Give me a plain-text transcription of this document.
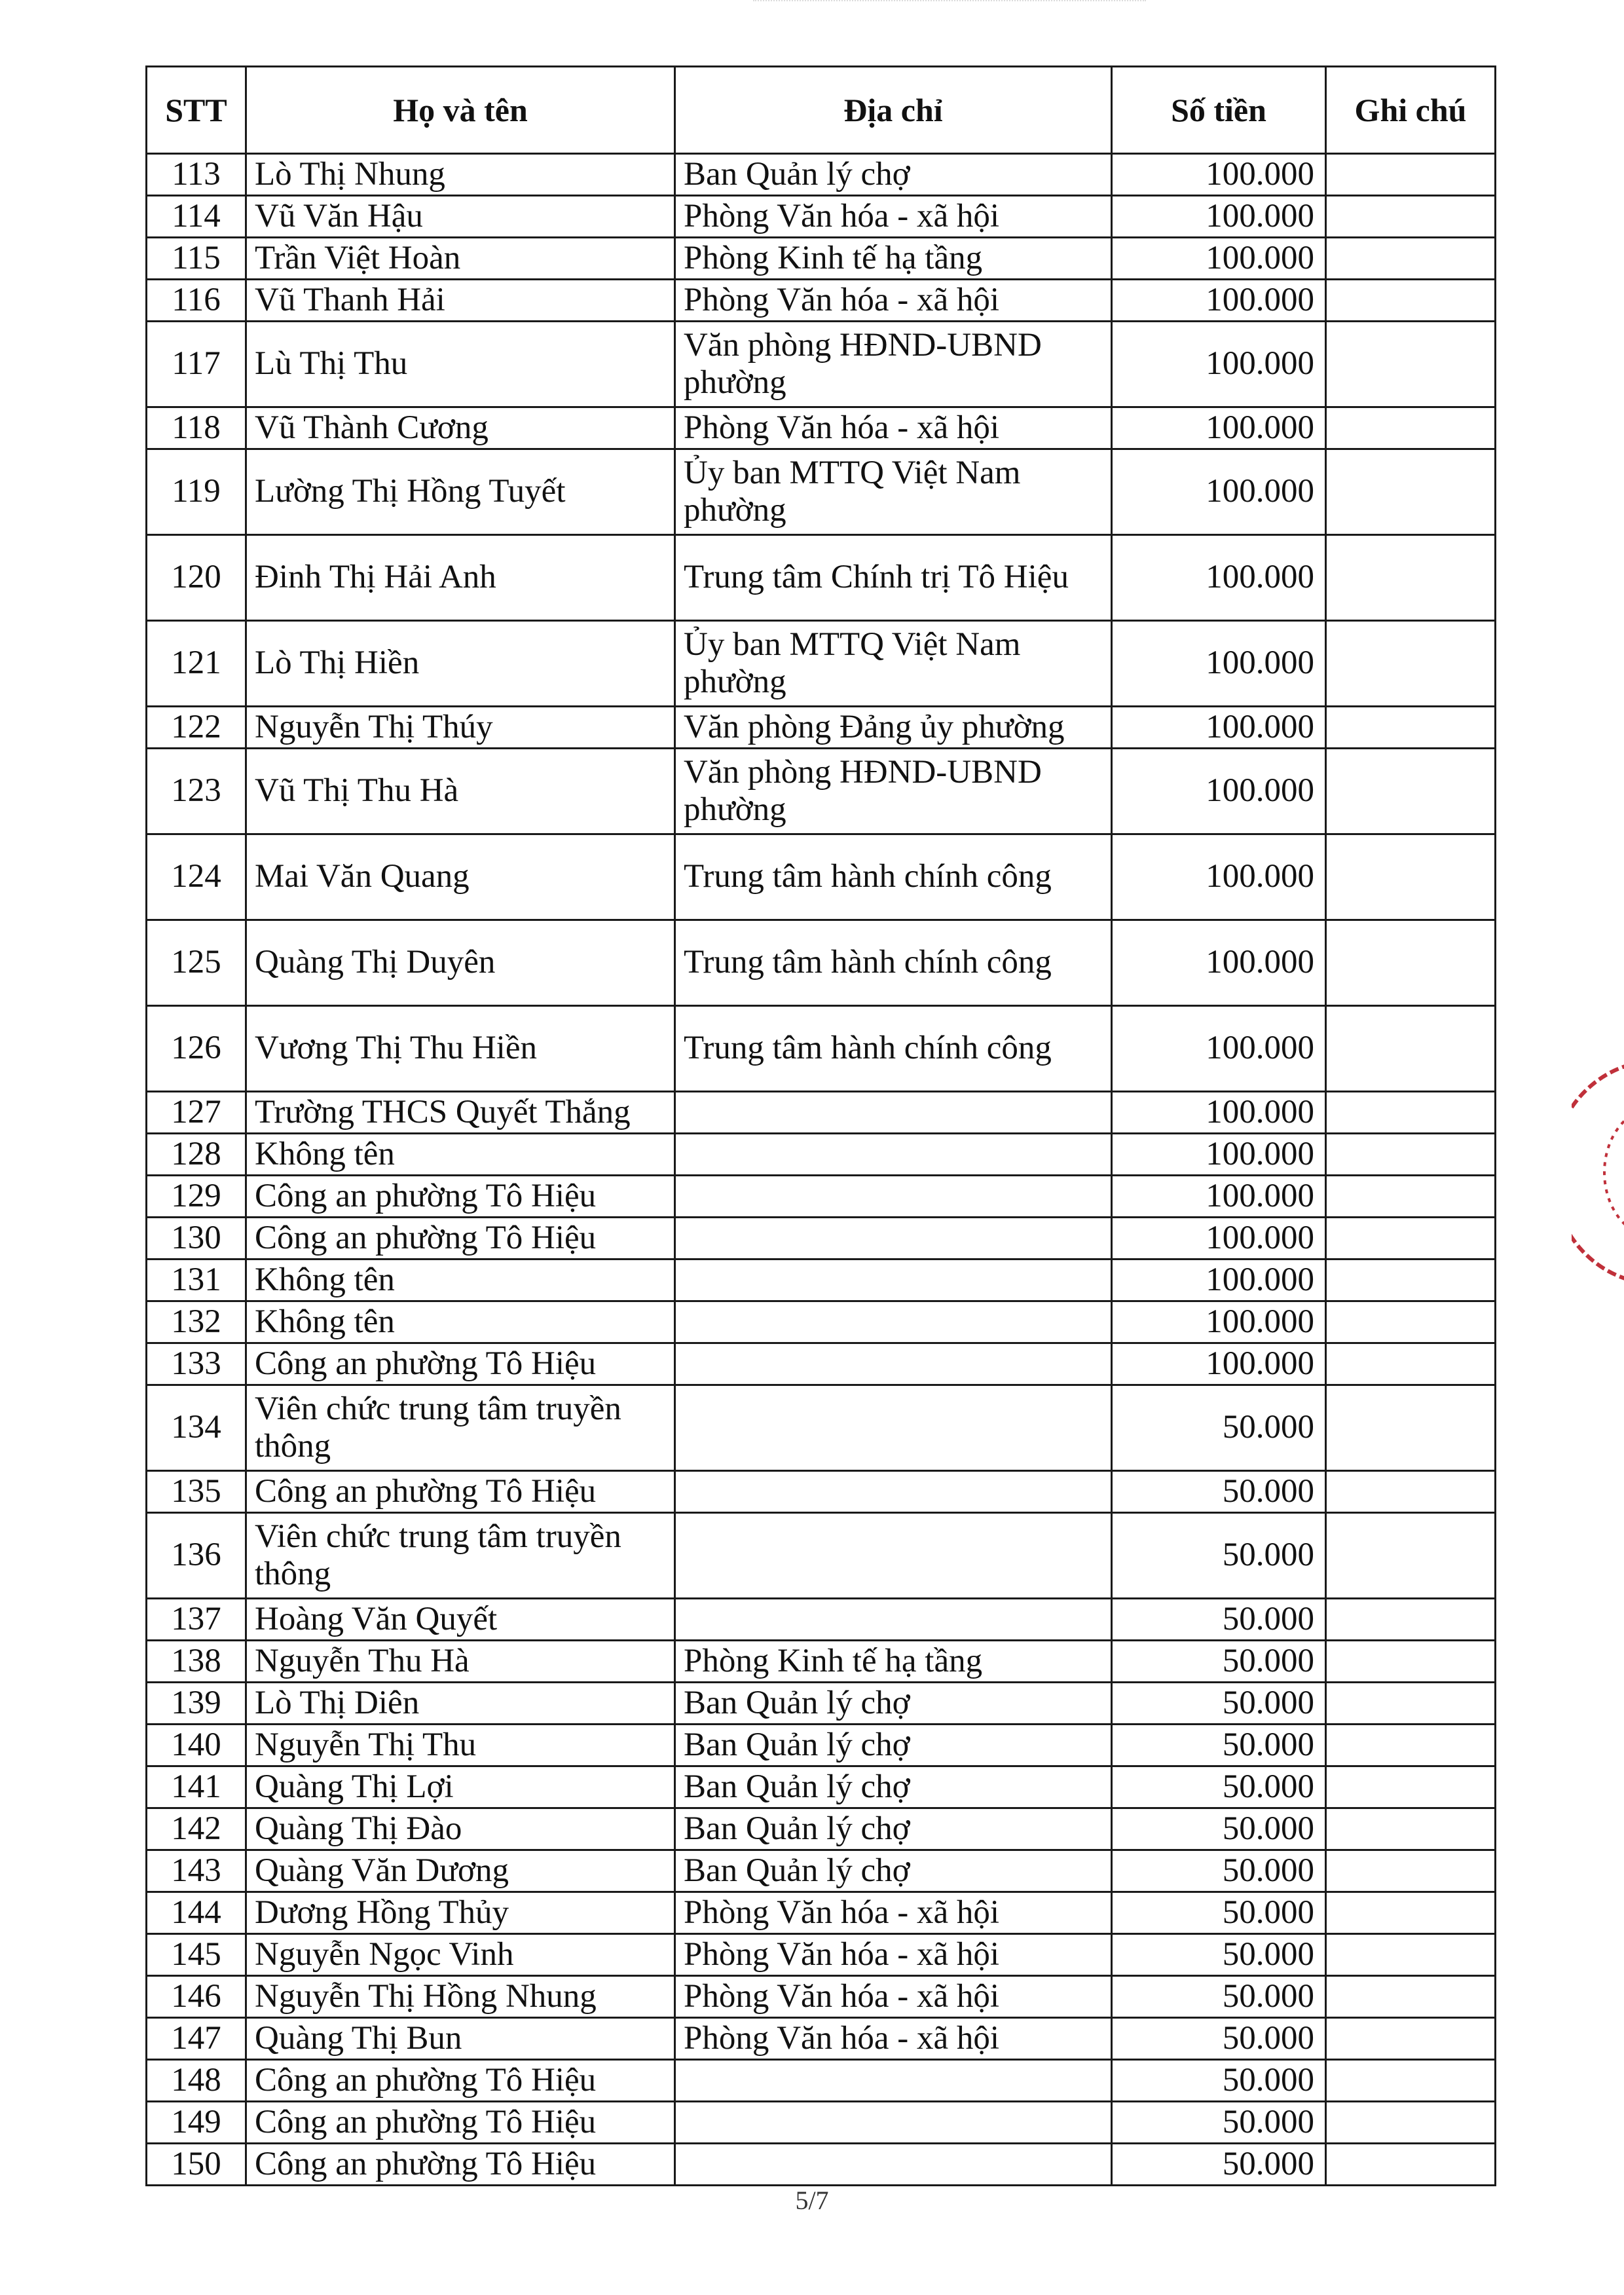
STT	Họ và tên	Địa chỉ	Số tiền	Ghi chú
113	Lò Thị Nhung	Ban Quản lý chợ	100.000	
114	Vũ Văn Hậu	Phòng Văn hóa - xã hội	100.000	
115	Trần Việt Hoàn	Phòng Kinh tế hạ tầng	100.000	
116	Vũ Thanh Hải	Phòng Văn hóa - xã hội	100.000	
117	Lù Thị Thu	Văn phòng HĐND-UBND phường	100.000	
118	Vũ Thành Cương	Phòng Văn hóa - xã hội	100.000	
119	Lường Thị Hồng Tuyết	Ủy ban MTTQ Việt Nam phường	100.000	
120	Đinh Thị Hải Anh	Trung tâm Chính trị Tô Hiệu	100.000	
121	Lò Thị Hiền	Ủy ban MTTQ Việt Nam phường	100.000	
122	Nguyễn Thị Thúy	Văn phòng Đảng ủy phường	100.000	
123	Vũ Thị Thu Hà	Văn phòng HĐND-UBND phường	100.000	
124	Mai Văn Quang	Trung tâm hành chính công	100.000	
125	Quàng Thị Duyên	Trung tâm hành chính công	100.000	
126	Vương Thị Thu Hiền	Trung tâm hành chính công	100.000	
127	Trường THCS Quyết Thắng		100.000	
128	Không tên		100.000	
129	Công an phường Tô Hiệu		100.000	
130	Công an phường Tô Hiệu		100.000	
131	Không tên		100.000	
132	Không tên		100.000	
133	Công an phường Tô Hiệu		100.000	
134	Viên chức trung tâm truyền thông		50.000	
135	Công an phường Tô Hiệu		50.000	
136	Viên chức trung tâm truyền thông		50.000	
137	Hoàng Văn Quyết		50.000	
138	Nguyễn Thu Hà	Phòng Kinh tế hạ tầng	50.000	
139	Lò Thị Diên	Ban Quản lý chợ	50.000	
140	Nguyễn Thị Thu	Ban Quản lý chợ	50.000	
141	Quàng Thị Lợi	Ban Quản lý chợ	50.000	
142	Quàng Thị Đào	Ban Quản lý chợ	50.000	
143	Quàng Văn Dương	Ban Quản lý chợ	50.000	
144	Dương Hồng Thủy	Phòng Văn hóa - xã hội	50.000	
145	Nguyễn Ngọc Vinh	Phòng Văn hóa - xã hội	50.000	
146	Nguyễn Thị Hồng Nhung	Phòng Văn hóa - xã hội	50.000	
147	Quàng Thị Bun	Phòng Văn hóa - xã hội	50.000	
148	Công an phường Tô Hiệu		50.000	
149	Công an phường Tô Hiệu		50.000	
150	Công an phường Tô Hiệu		50.000	
5/7
